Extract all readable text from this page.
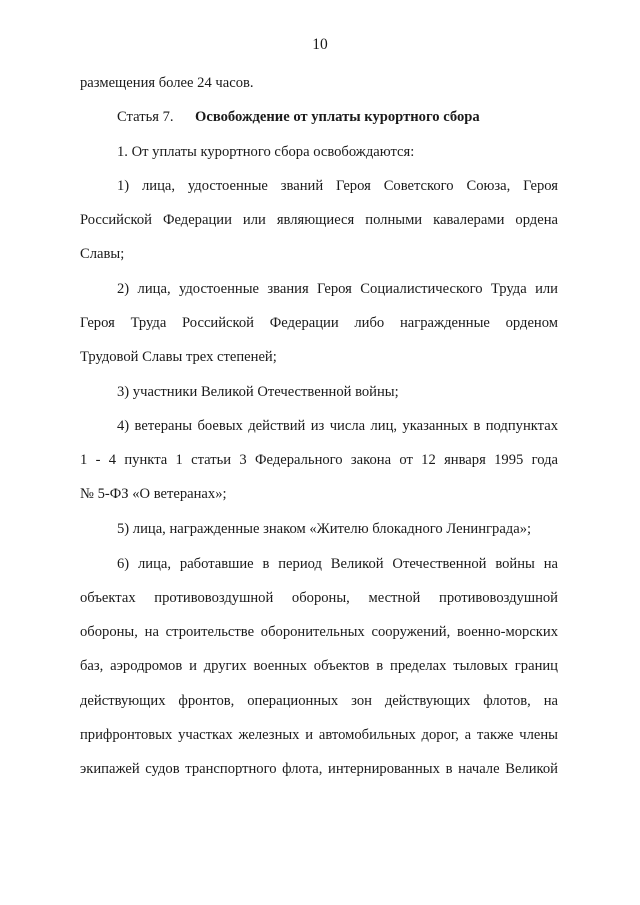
10
размещения более 24 часов.
Статья 7. Освобождение от уплаты курортного сбора
1. От уплаты курортного сбора освобождаются:
1) лица, удостоенные званий Героя Советского Союза, Героя
Российской Федерации или являющиеся полными кавалерами ордена
Славы;
2) лица, удостоенные звания Героя Социалистического Труда или
Героя Труда Российской Федерации либо награжденные орденом
Трудовой Славы трех степеней;
3) участники Великой Отечественной войны;
4) ветераны боевых действий из числа лиц, указанных в подпунктах
1 - 4 пункта 1 статьи 3 Федерального закона от 12 января 1995 года
№ 5-ФЗ «О ветеранах»;
5) лица, награжденные знаком «Жителю блокадного Ленинграда»;
6) лица, работавшие в период Великой Отечественной войны на
объектах противовоздушной обороны, местной противовоздушной
обороны, на строительстве оборонительных сооружений, военно-морских
баз, аэродромов и других военных объектов в пределах тыловых границ
действующих фронтов, операционных зон действующих флотов, на
прифронтовых участках железных и автомобильных дорог, а также члены
экипажей судов транспортного флота, интернированных в начале Великой
